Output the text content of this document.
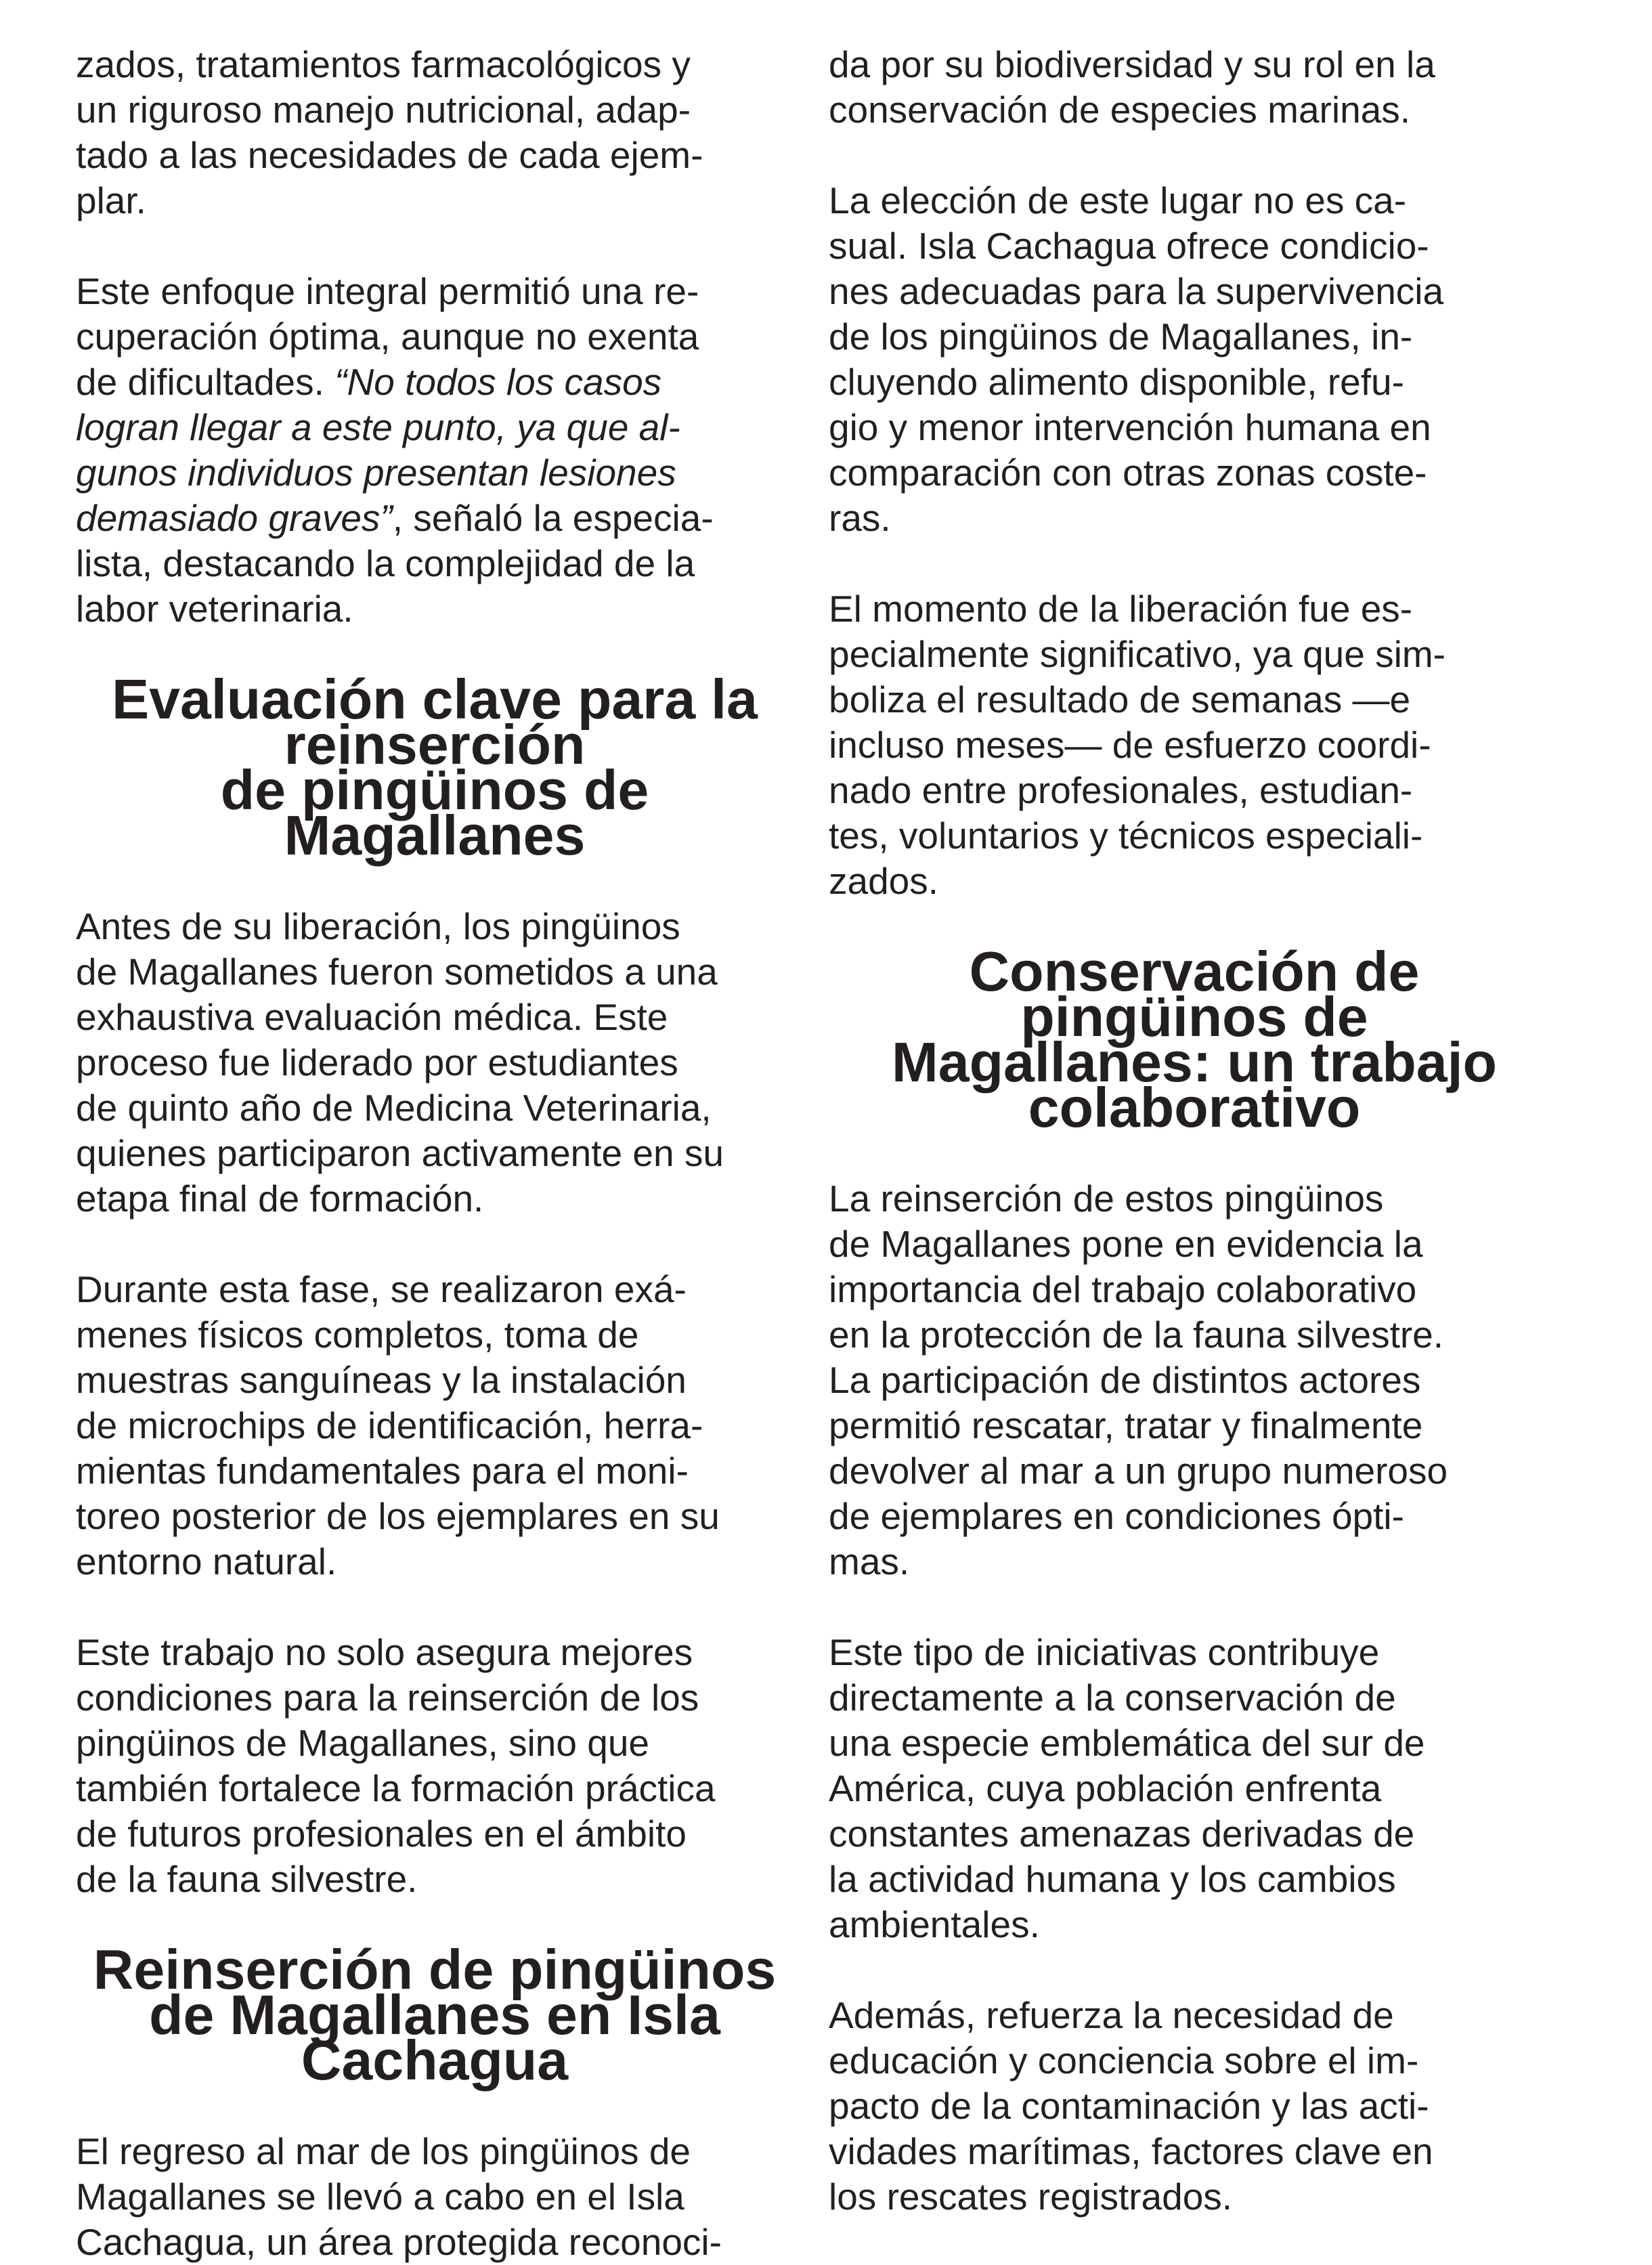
zados, tratamientos farmacológicos y
un riguroso manejo nutricional, adap-
tado a las necesidades de cada ejem-
plar.

Este enfoque integral permitió una re-
cuperación óptima, aunque no exenta
de dificultades. “No todos los casos
logran llegar a este punto, ya que al-
gunos individuos presentan lesiones
demasiado graves”, señaló la especia-
lista, destacando la complejidad de la
labor veterinaria.

Evaluación clave para la reinserción
de pingüinos de Magallanes

Antes de su liberación, los pingüinos
de Magallanes fueron sometidos a una
exhaustiva evaluación médica. Este
proceso fue liderado por estudiantes
de quinto año de Medicina Veterinaria,
quienes participaron activamente en su
etapa final de formación.

Durante esta fase, se realizaron exá-
menes físicos completos, toma de
muestras sanguíneas y la instalación
de microchips de identificación, herra-
mientas fundamentales para el moni-
toreo posterior de los ejemplares en su
entorno natural.

Este trabajo no solo asegura mejores
condiciones para la reinserción de los
pingüinos de Magallanes, sino que
también fortalece la formación práctica
de futuros profesionales en el ámbito
de la fauna silvestre.

Reinserción de pingüinos
de Magallanes en Isla Cachagua

El regreso al mar de los pingüinos de
Magallanes se llevó a cabo en el Isla
Cachagua, un área protegida reconoci-

da por su biodiversidad y su rol en la
conservación de especies marinas.

La elección de este lugar no es ca-
sual. Isla Cachagua ofrece condicio-
nes adecuadas para la supervivencia
de los pingüinos de Magallanes, in-
cluyendo alimento disponible, refu-
gio y menor intervención humana en
comparación con otras zonas coste-
ras.

El momento de la liberación fue es-
pecialmente significativo, ya que sim-
boliza el resultado de semanas —e
incluso meses— de esfuerzo coordi-
nado entre profesionales, estudian-
tes, voluntarios y técnicos especiali-
zados.

Conservación de pingüinos de
Magallanes: un trabajo colaborativo

La reinserción de estos pingüinos
de Magallanes pone en evidencia la
importancia del trabajo colaborativo
en la protección de la fauna silvestre.
La participación de distintos actores
permitió rescatar, tratar y finalmente
devolver al mar a un grupo numeroso
de ejemplares en condiciones ópti-
mas.

Este tipo de iniciativas contribuye
directamente a la conservación de
una especie emblemática del sur de
América, cuya población enfrenta
constantes amenazas derivadas de
la actividad humana y los cambios
ambientales.

Además, refuerza la necesidad de
educación y conciencia sobre el im-
pacto de la contaminación y las acti-
vidades marítimas, factores clave en
los rescates registrados.
